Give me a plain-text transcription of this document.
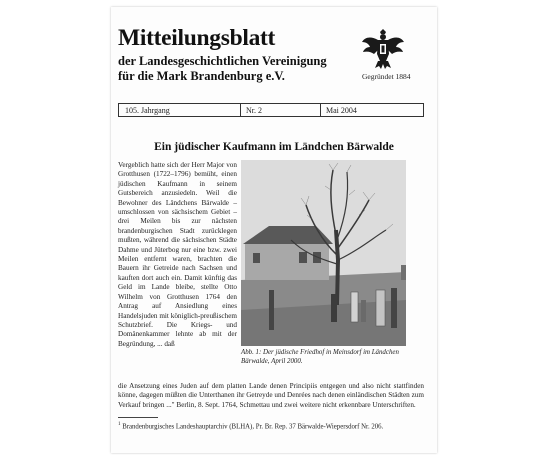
Mitteilungsblatt
der Landesgeschichtlichen Vereinigung
für die Mark Brandenburg e.V.	Gegründet 1884
105. Jahrgang	Nr. 2	Mai 2004
Ein jüdischer Kaufmann im Ländchen Bärwalde
Vergeblich hatte sich der Herr Major von Grotthusen (1722–1796) bemüht, einen jüdischen Kaufmann in seinem Gutsbereich anzusiedeln. Weil die Bewohner des Ländchens Bärwalde – umschlossen von sächsischem Gebiet – drei Meilen bis zur nächsten brandenburgischen Stadt zurücklegen mußten, während die sächsischen Städte Dahme und Jüterbog nur eine bzw. zwei Meilen entfernt waren, brachten die Bauern ihr Getreide nach Sachsen und kauften dort auch ein. Damit künftig das Geld im Lande bleibe, stellte Otto Wilhelm von Grotthusen 1764 den Antrag auf Ansiedlung eines Handelsjuden mit königlich-preußischem Schutzbrief. Die Kriegs- und Domänenkammer lehnte ab mit der Begründung, ... daß
Abb. 1: Der jüdische Friedhof in Meinsdorf im Ländchen Bärwalde, April 2000.
die Ansetzung eines Juden auf dem platten Lande denen Principiis entgegen und also nicht stattfinden könne, dagegen müßten die Unterthanen ihr Getreyde und Denrées nach denen einländischen Städten zum Verkauf bringen ..." Berlin, 8. Sept. 1764, Schmettau und zwei weitere nicht erkennbare Unterschriften.
$^1$ Brandenburgisches Landeshauptarchiv (BLHA), Pr. Br. Rep. 37 Bärwalde-Wiepersdorf Nr. 206.
